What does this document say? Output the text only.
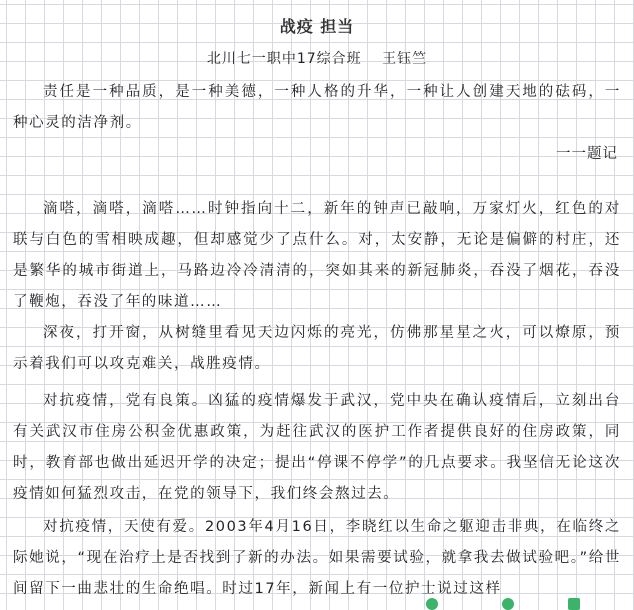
战疫 担当
北川七一职中17综合班　 王钰竺
责任是一种品质，是一种美德，一种人格的升华，一种让人创建天地的砝码，一种心灵的洁净剂。
一一题记
滴嗒，滴嗒，滴嗒……时钟指向十二，新年的钟声已敲响，万家灯火，红色的对联与白色的雪相映成趣，但却感觉少了点什么。对，太安静，无论是偏僻的村庄，还是繁华的城市街道上，马路边冷冷清清的，突如其来的新冠肺炎，吞没了烟花，吞没了鞭炮，吞没了年的味道……
深夜，打开窗，从树缝里看见天边闪烁的亮光，仿佛那星星之火，可以燎原，预示着我们可以攻克难关，战胜疫情。
对抗疫情，党有良策。凶猛的疫情爆发于武汉，党中央在确认疫情后，立刻出台有关武汉市住房公积金优惠政策，为赶往武汉的医护工作者提供良好的住房政策，同时，教育部也做出延迟开学的决定；提出“停课不停学”的几点要求。我坚信无论这次疫情如何猛烈攻击，在党的领导下，我们终会熬过去。
对抗疫情，天使有爱。2003年4月16日，李晓红以生命之躯迎击非典，在临终之际她说，“现在治疗上是否找到了新的办法。如果需要试验，就拿我去做试验吧。”给世间留下一曲悲壮的生命绝唱。时过17年，新闻上有一位护士说过这样
